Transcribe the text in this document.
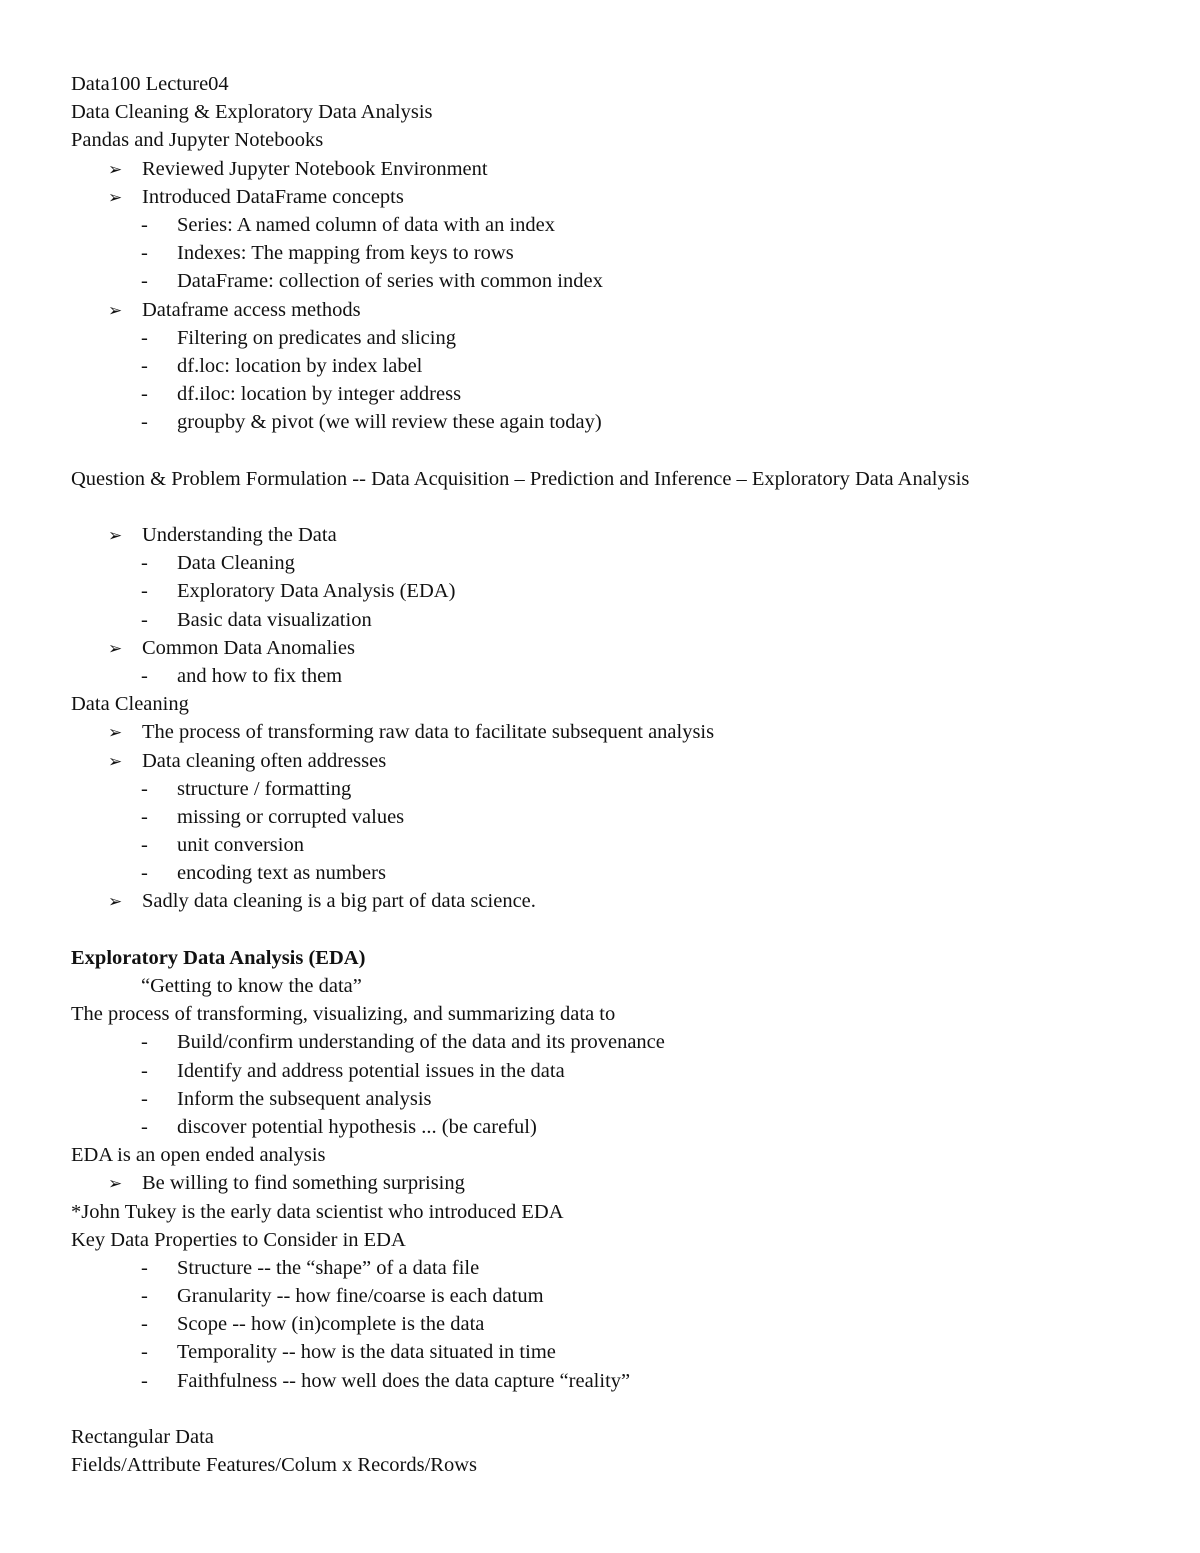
Data100 Lecture04
Data Cleaning & Exploratory Data Analysis
Pandas and Jupyter Notebooks
➢ Reviewed Jupyter Notebook Environment
➢ Introduced DataFrame concepts
- Series: A named column of data with an index
- Indexes: The mapping from keys to rows
- DataFrame: collection of series with common index
➢ Dataframe access methods
- Filtering on predicates and slicing
- df.loc: location by index label
- df.iloc: location by integer address
- groupby & pivot (we will review these again today)
Question & Problem Formulation -- Data Acquisition – Prediction and Inference – Exploratory Data Analysis
➢ Understanding the Data
- Data Cleaning
- Exploratory Data Analysis (EDA)
- Basic data visualization
➢ Common Data Anomalies
- and how to fix them
Data Cleaning
➢ The process of transforming raw data to facilitate subsequent analysis
➢ Data cleaning often addresses
- structure / formatting
- missing or corrupted values
- unit conversion
- encoding text as numbers
➢ Sadly data cleaning is a big part of data science.
Exploratory Data Analysis (EDA)
“Getting to know the data”
The process of transforming, visualizing, and summarizing data to
- Build/confirm understanding of the data and its provenance
- Identify and address potential issues in the data
- Inform the subsequent analysis
- discover potential hypothesis ... (be careful)
EDA is an open ended analysis
➢ Be willing to find something surprising
*John Tukey is the early data scientist who introduced EDA
Key Data Properties to Consider in EDA
- Structure -- the “shape” of a data file
- Granularity -- how fine/coarse is each datum
- Scope -- how (in)complete is the data
- Temporality -- how is the data situated in time
- Faithfulness -- how well does the data capture “reality”
Rectangular Data
Fields/Attribute Features/Colum x Records/Rows
